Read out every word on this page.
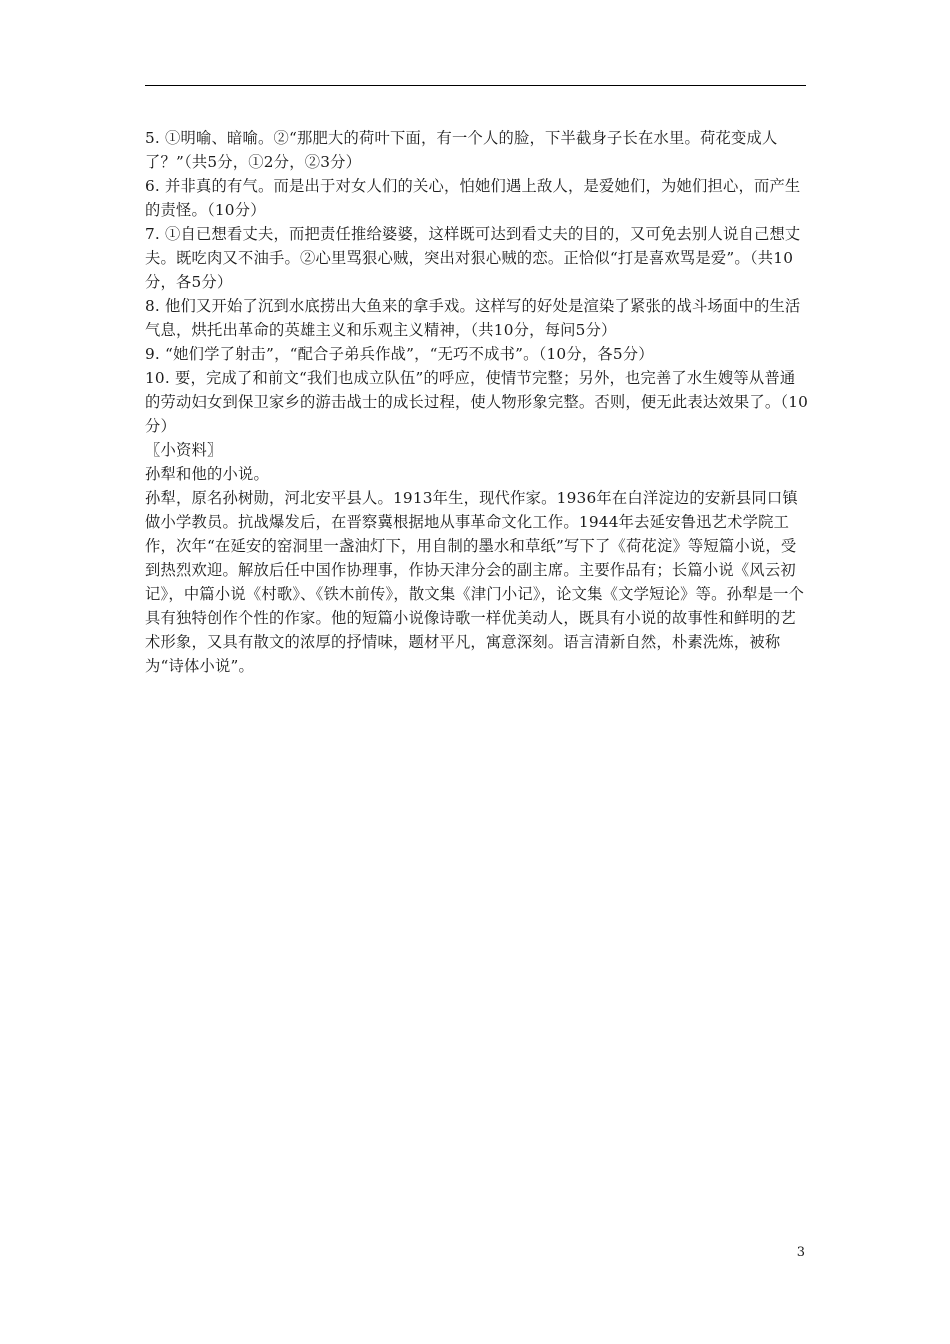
5. ①明喻、暗喻。②“那肥大的荷叶下面，有一个人的脸，下半截身子长在水里。荷花变成人了？”（共5分，①2分，②3分）

6. 并非真的有气。而是出于对女人们的关心，怕她们遇上敌人，是爱她们，为她们担心，而产生的责怪。（10分）

7. ①自已想看丈夫，而把责任推给婆婆，这样既可达到看丈夫的目的，又可免去别人说自己想丈夫。既吃肉又不油手。②心里骂狠心贼，突出对狠心贼的恋。正恰似“打是喜欢骂是爱”。（共10分，各5分）

8. 他们又开始了沉到水底捞出大鱼来的拿手戏。这样写的好处是渲染了紧张的战斗场面中的生活气息，烘托出革命的英雄主义和乐观主义精神，（共10分，每问5分）

9. “她们学了射击”，“配合子弟兵作战”，“无巧不成书”。（10分，各5分）

10. 要，完成了和前文“我们也成立队伍”的呼应，使情节完整；另外，也完善了水生嫂等从普通的劳动妇女到保卫家乡的游击战士的成长过程，使人物形象完整。否则，便无此表达效果了。（10分）

〖小资料〗

孙犁和他的小说。

孙犁，原名孙树勋，河北安平县人。1913年生，现代作家。1936年在白洋淀边的安新县同口镇做小学教员。抗战爆发后，在晋察冀根据地从事革命文化工作。1944年去延安鲁迅艺术学院工作，次年“在延安的窑洞里一盏油灯下，用自制的墨水和草纸”写下了《荷花淀》等短篇小说，受到热烈欢迎。解放后任中国作协理事，作协天津分会的副主席。主要作品有；长篇小说《风云初记》，中篇小说《村歌》、《铁木前传》，散文集《津门小记》，论文集《文学短论》等。孙犁是一个具有独特创作个性的作家。他的短篇小说像诗歌一样优美动人，既具有小说的故事性和鲜明的艺术形象，又具有散文的浓厚的抒情味，题材平凡，寓意深刻。语言清新自然，朴素洗炼，被称为“诗体小说”。

3
